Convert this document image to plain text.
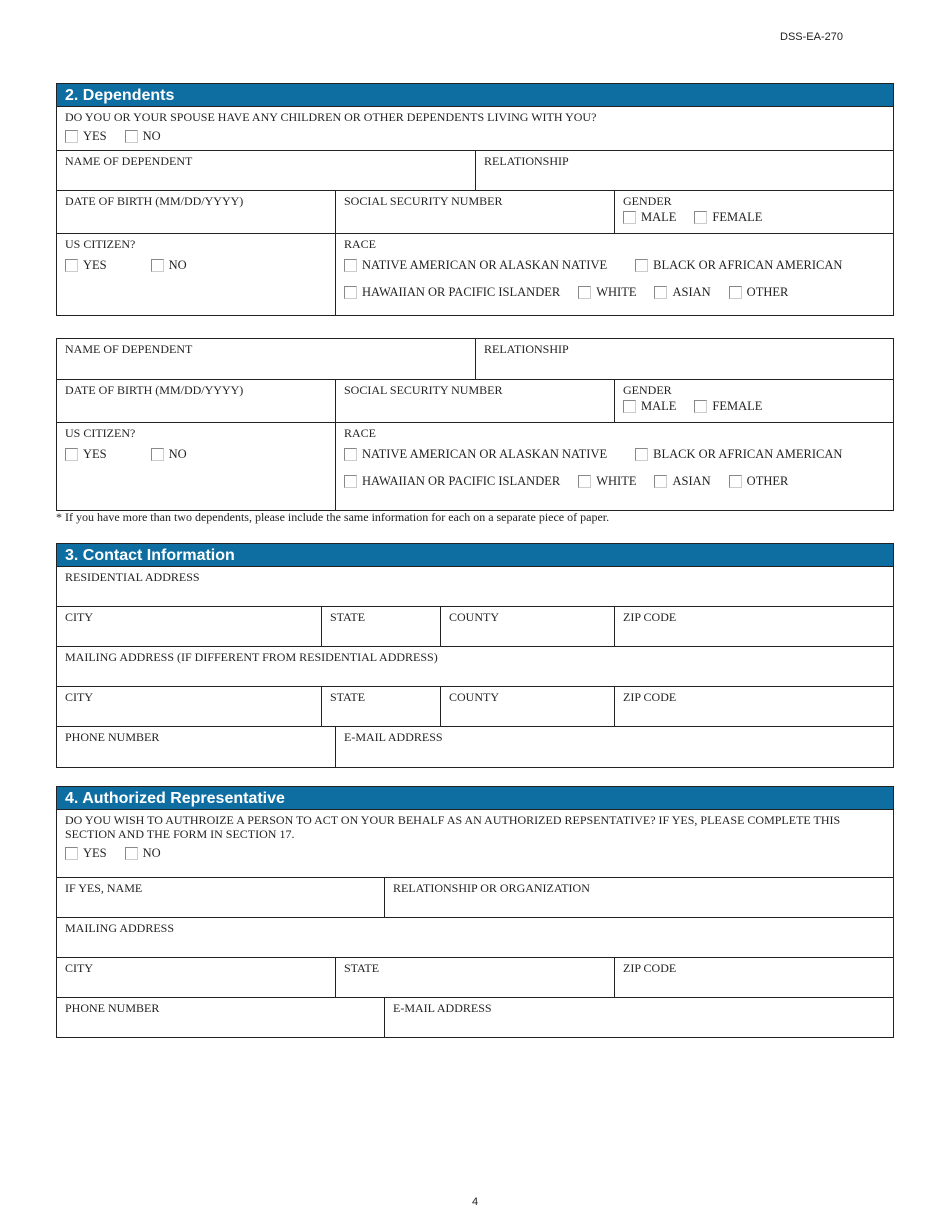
DSS-EA-270
2. Dependents
DO YOU OR YOUR SPOUSE HAVE ANY CHILDREN OR OTHER DEPENDENTS LIVING WITH YOU?
YES	NO
NAME OF DEPENDENT	RELATIONSHIP
DATE OF BIRTH (MM/DD/YYYY)	SOCIAL SECURITY NUMBER	GENDER
MALE	FEMALE
US CITIZEN?
YES	NO
RACE
NATIVE AMERICAN OR ALASKAN NATIVE	BLACK OR AFRICAN AMERICAN
HAWAIIAN OR PACIFIC ISLANDER	WHITE	ASIAN	OTHER
NAME OF DEPENDENT	RELATIONSHIP
DATE OF BIRTH (MM/DD/YYYY)	SOCIAL SECURITY NUMBER	GENDER
MALE	FEMALE
US CITIZEN?
YES	NO
RACE
NATIVE AMERICAN OR ALASKAN NATIVE	BLACK OR AFRICAN AMERICAN
HAWAIIAN OR PACIFIC ISLANDER	WHITE	ASIAN	OTHER
* If you have more than two dependents, please include the same information for each on a separate piece of paper.
3. Contact Information
RESIDENTIAL ADDRESS
CITY	STATE	COUNTY	ZIP CODE
MAILING ADDRESS (IF DIFFERENT FROM RESIDENTIAL ADDRESS)
CITY	STATE	COUNTY	ZIP CODE
PHONE NUMBER	E-MAIL ADDRESS
4. Authorized Representative
DO YOU WISH TO AUTHROIZE A PERSON TO ACT ON YOUR BEHALF AS AN AUTHORIZED REPSENTATIVE? IF YES, PLEASE COMPLETE THIS SECTION AND THE FORM IN SECTION 17.
YES	NO
IF YES, NAME	RELATIONSHIP OR ORGANIZATION
MAILING ADDRESS
CITY	STATE	ZIP CODE
PHONE NUMBER	E-MAIL ADDRESS
4
